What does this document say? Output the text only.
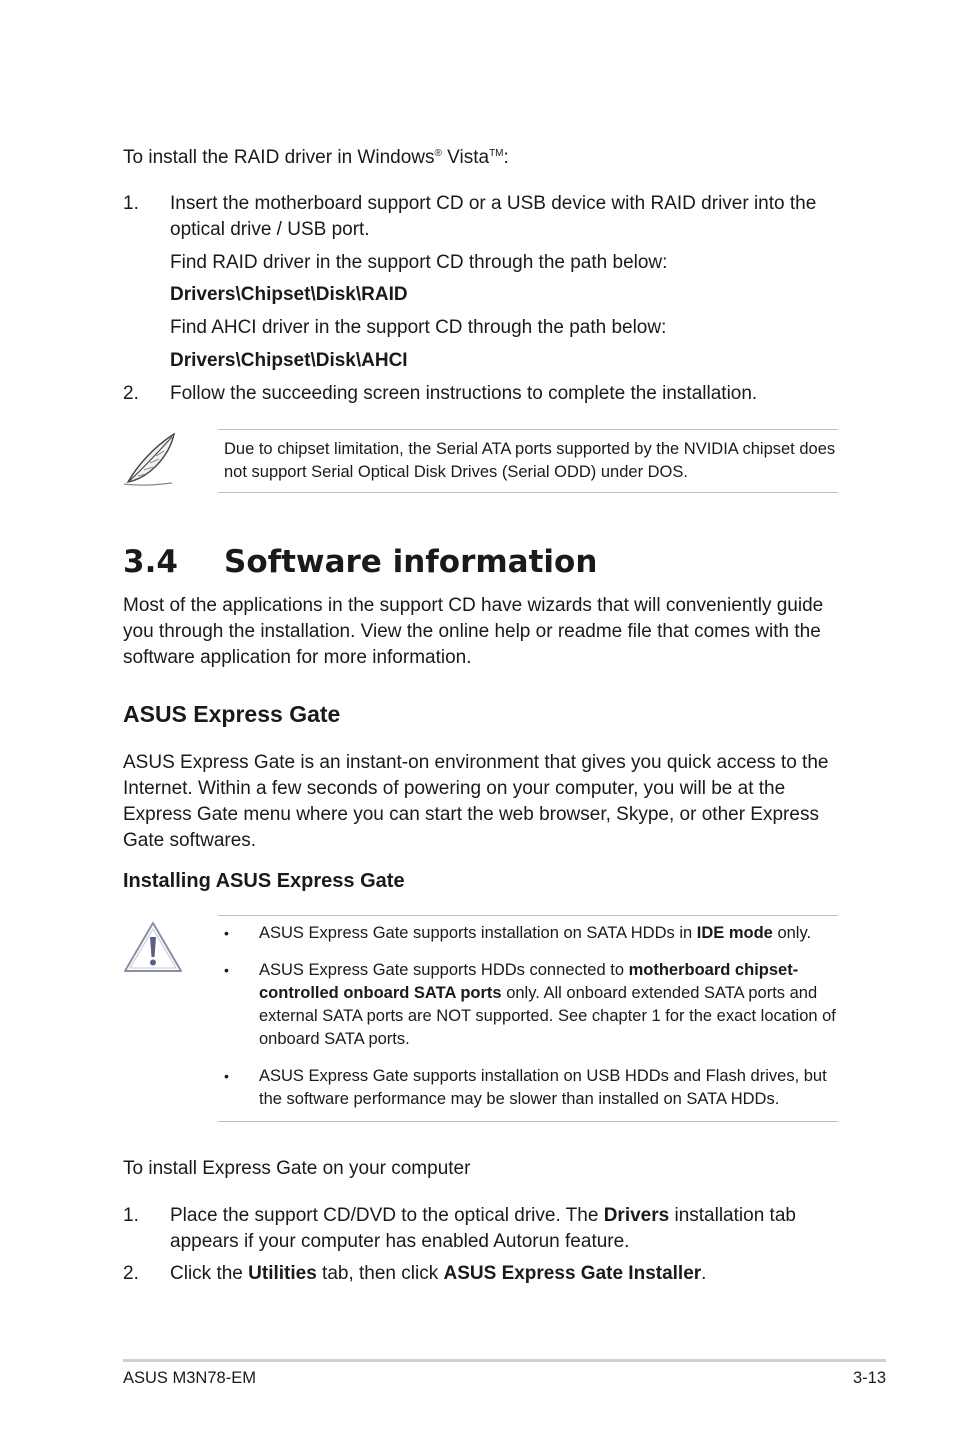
To install the RAID driver in Windows® Vista™:
1. Insert the motherboard support CD or a USB device with RAID driver into the optical drive / USB port.
Find RAID driver in the support CD through the path below:
Drivers\Chipset\Disk\RAID
Find AHCI driver in the support CD through the path below:
Drivers\Chipset\Disk\AHCI
2. Follow the succeeding screen instructions to complete the installation.
Due to chipset limitation, the Serial ATA ports supported by the NVIDIA chipset does not support Serial Optical Disk Drives (Serial ODD) under DOS.
3.4 Software information
Most of the applications in the support CD have wizards that will conveniently guide you through the installation. View the online help or readme file that comes with the software application for more information.
ASUS Express Gate
ASUS Express Gate is an instant-on environment that gives you quick access to the Internet. Within a few seconds of powering on your computer, you will be at the Express Gate menu where you can start the web browser, Skype, or other Express Gate softwares.
Installing ASUS Express Gate
• ASUS Express Gate supports installation on SATA HDDs in IDE mode only.
• ASUS Express Gate supports HDDs connected to motherboard chipset-controlled onboard SATA ports only. All onboard extended SATA ports and external SATA ports are NOT supported. See chapter 1 for the exact location of onboard SATA ports.
• ASUS Express Gate supports installation on USB HDDs and Flash drives, but the software performance may be slower than installed on SATA HDDs.
To install Express Gate on your computer
1. Place the support CD/DVD to the optical drive. The Drivers installation tab appears if your computer has enabled Autorun feature.
2. Click the Utilities tab, then click ASUS Express Gate Installer.
ASUS M3N78-EM	3-13
